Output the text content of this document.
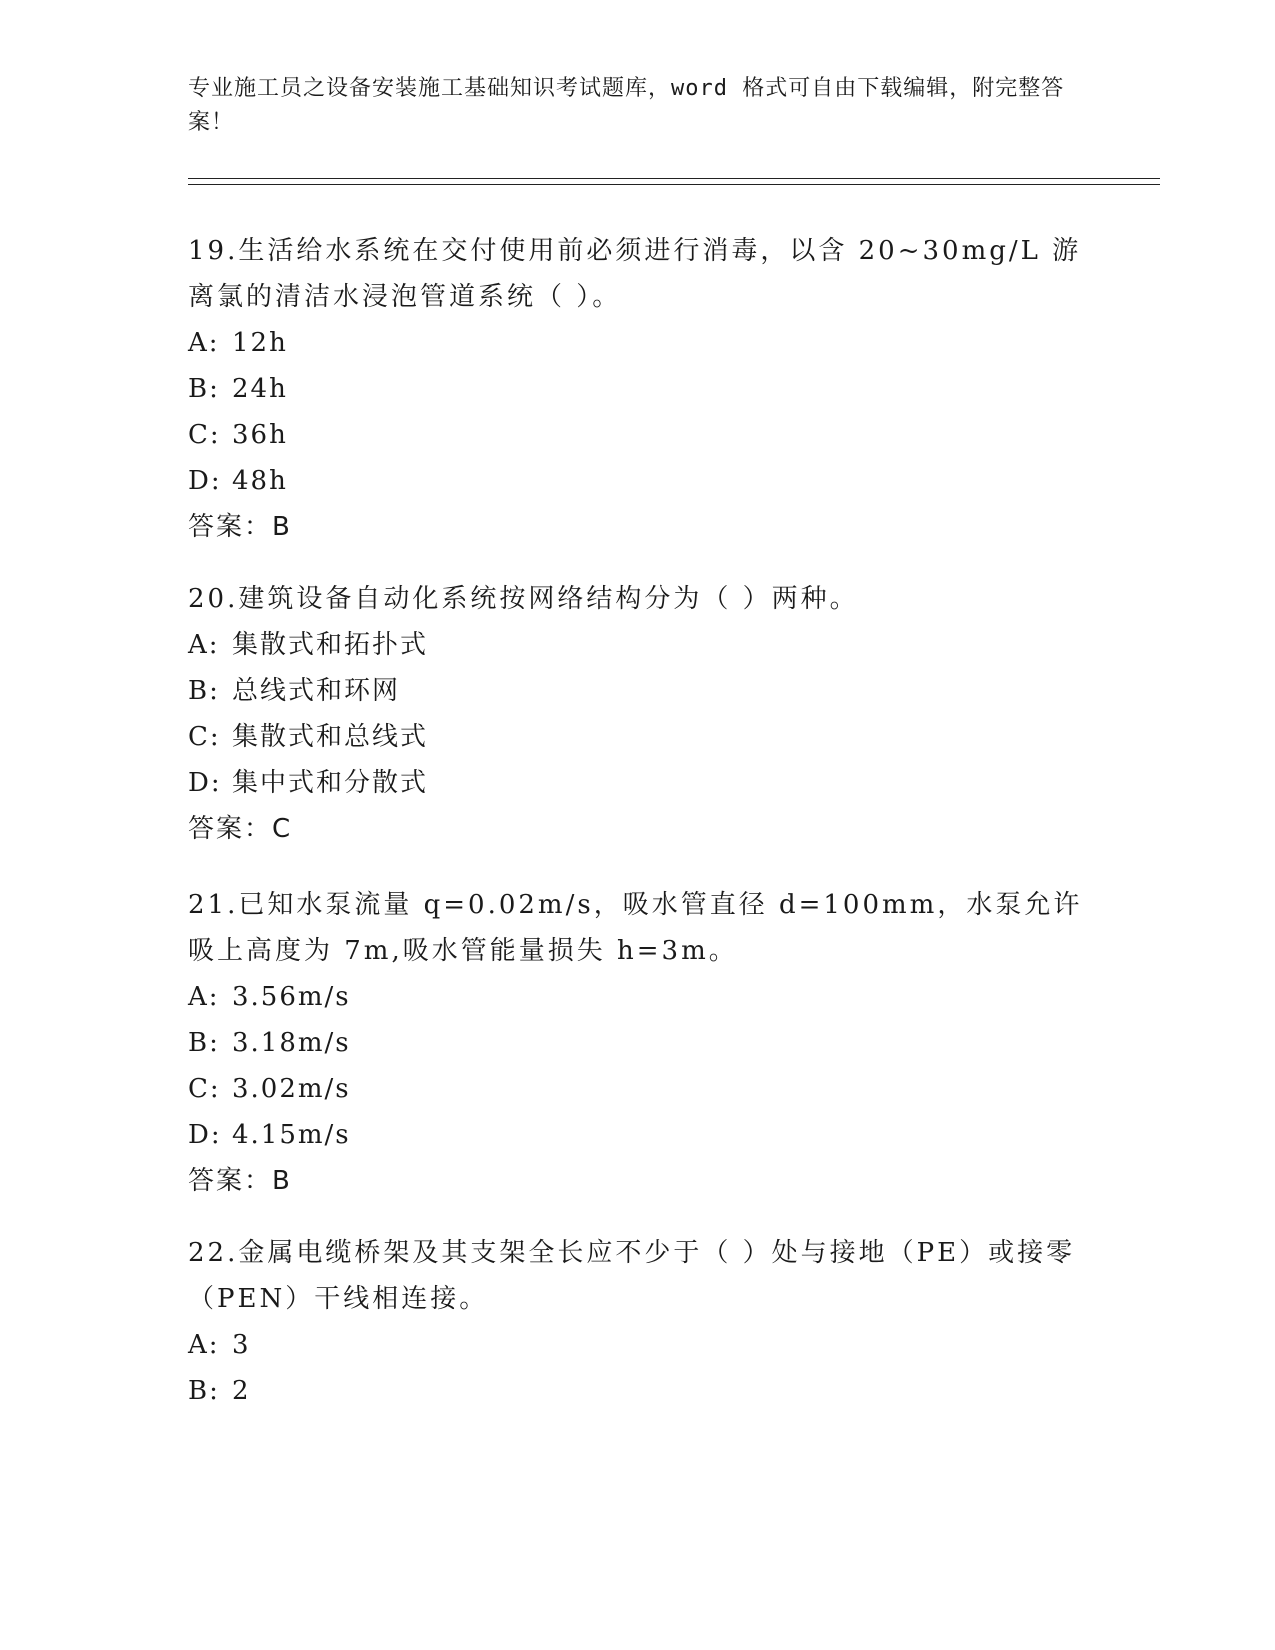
专业施工员之设备安装施工基础知识考试题库，word 格式可自由下载编辑，附完整答案！

19.生活给水系统在交付使用前必须进行消毒，以含 20~30mg/L 游离氯的清洁水浸泡管道系统（ ）。

A: 12h

B: 24h

C: 36h

D: 48h

答案：B

20.建筑设备自动化系统按网络结构分为（ ）两种。

A: 集散式和拓扑式

B: 总线式和环网

C: 集散式和总线式

D: 集中式和分散式

答案：C

21.已知水泵流量 q=0.02m/s，吸水管直径 d=100mm，水泵允许吸上高度为 7m,吸水管能量损失 h=3m。

A: 3.56m/s

B: 3.18m/s

C: 3.02m/s

D: 4.15m/s

答案：B

22.金属电缆桥架及其支架全长应不少于（ ）处与接地（PE）或接零（PEN）干线相连接。

A: 3

B: 2
